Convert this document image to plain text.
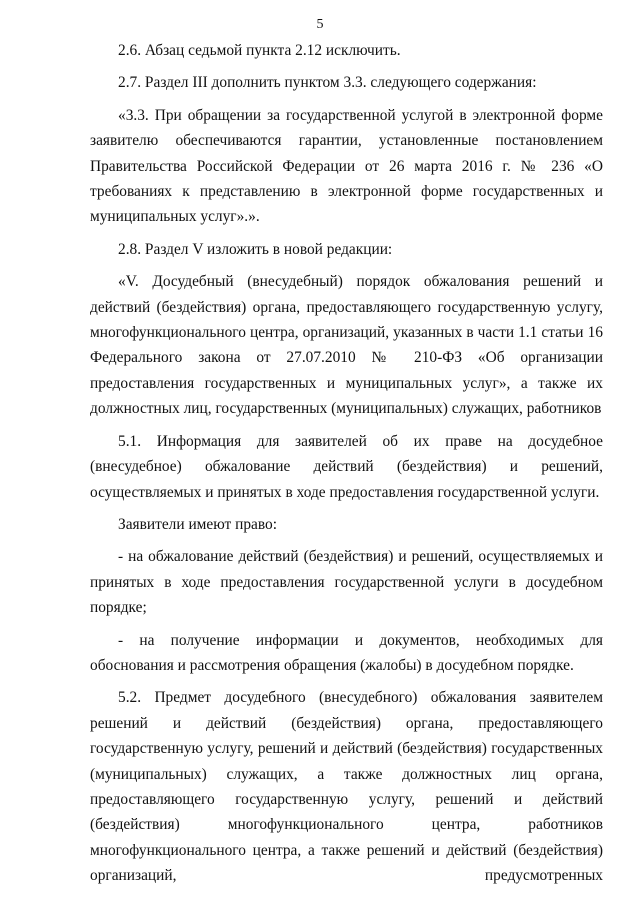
5

2.6. Абзац седьмой пункта 2.12 исключить.

2.7. Раздел III дополнить пунктом 3.3. следующего содержания:

«3.3. При обращении за государственной услугой в электронной форме заявителю обеспечиваются гарантии, установленные постановлением Правительства Российской Федерации от 26 марта 2016 г. № 236 «О требованиях к представлению в электронной форме государственных и муниципальных услуг».».

2.8. Раздел V изложить в новой редакции:

«V. Досудебный (внесудебный) порядок обжалования решений и действий (бездействия) органа, предоставляющего государственную услугу, многофункционального центра, организаций, указанных в части 1.1 статьи 16 Федерального закона от 27.07.2010 № 210-ФЗ «Об организации предоставления государственных и муниципальных услуг», а также их должностных лиц, государственных (муниципальных) служащих, работников

5.1. Информация для заявителей об их праве на досудебное (внесудебное) обжалование действий (бездействия) и решений, осуществляемых и принятых в ходе предоставления государственной услуги.

Заявители имеют право:

- на обжалование действий (бездействия) и решений, осуществляемых и принятых в ходе предоставления государственной услуги в досудебном порядке;

- на получение информации и документов, необходимых для обоснования и рассмотрения обращения (жалобы) в досудебном порядке.

5.2. Предмет досудебного (внесудебного) обжалования заявителем решений и действий (бездействия) органа, предоставляющего государственную услугу, решений и действий (бездействия) государственных (муниципальных) служащих, а также должностных лиц органа, предоставляющего государственную услугу, решений и действий (бездействия) многофункционального центра, работников многофункционального центра, а также решений и действий (бездействия) организаций, предусмотренных
